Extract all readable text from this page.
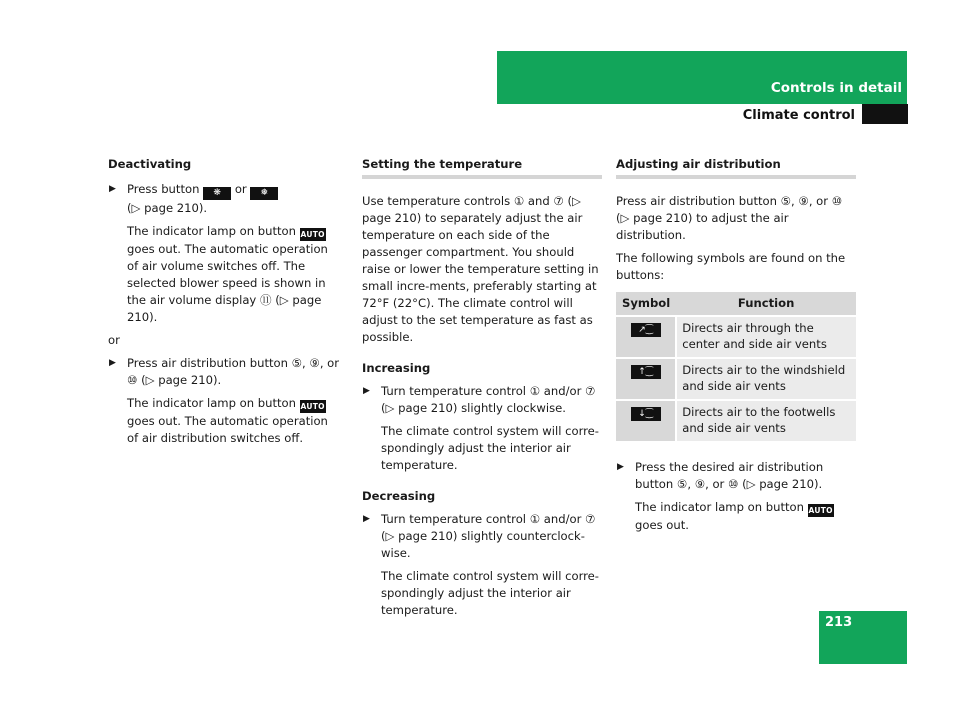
Controls in detail
Climate control
Deactivating
▶ Press button ❋ or ❅
(▷ page 210).
The indicator lamp on button AUTO goes out. The automatic operation of air volume switches off. The selected blower speed is shown in the air volume display ⑪ (▷ page 210).
or
▶ Press air distribution button ⑤, ⑨, or ⑩ (▷ page 210).
The indicator lamp on button AUTO goes out. The automatic operation of air distribution switches off.
Setting the temperature

Use temperature controls ① and ⑦ (▷ page 210) to separately adjust the air temperature on each side of the passenger compartment. You should raise or lower the temperature setting in small incre-ments, preferably starting at 72°F (22°C). The climate control will adjust to the set temperature as fast as possible.

Increasing
▶ Turn temperature control ① and/or ⑦ (▷ page 210) slightly clockwise.
The climate control system will corre-spondingly adjust the interior air temperature.
Decreasing
▶ Turn temperature control ① and/or ⑦ (▷ page 210) slightly counterclock-wise.
The climate control system will corre-spondingly adjust the interior air temperature.
Adjusting air distribution

Press air distribution button ⑤, ⑨, or ⑩ (▷ page 210) to adjust the air distribution.

The following symbols are found on the buttons:

Symbol	Function
↗⁐	Directs air through the center and side air vents
↑⁐	Directs air to the windshield and side air vents
↓⁐	Directs air to the footwells and side air vents
▶ Press the desired air distribution button ⑤, ⑨, or ⑩ (▷ page 210).
The indicator lamp on button AUTO
goes out.
213
